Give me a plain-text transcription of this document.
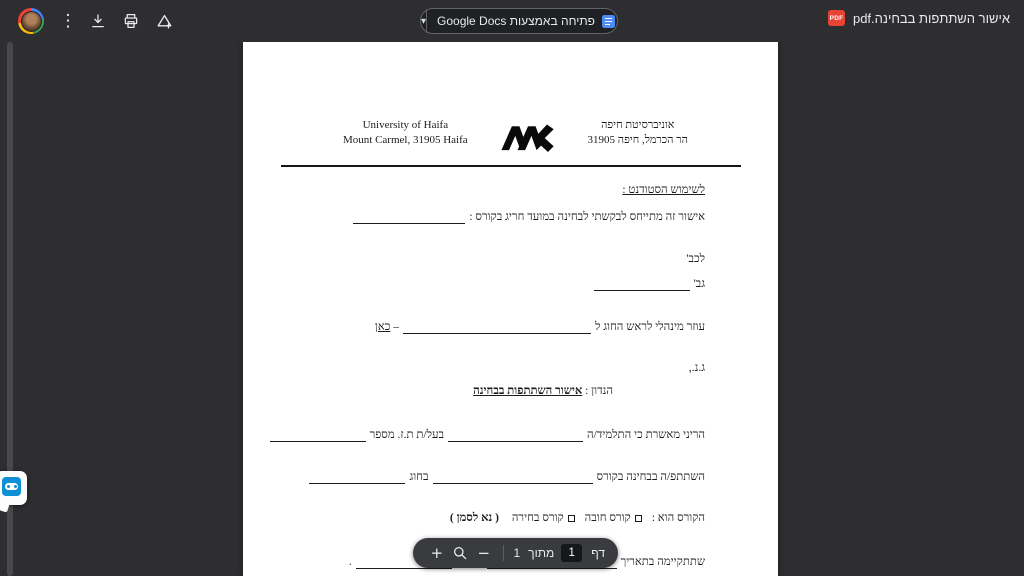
⋮	▾ פתיחה באמצעות Google Docs	PDF אישור השתתפות בבחינה.pdf
University of Haifa
Mount Carmel, 31905 Haifa
אוניברסיטת חיפה
הר הכרמל, חיפה 31905
לשימוש הסטודנט :
אישור זה מתייחס לבקשתי לבחינה במועד חריג בקורס :
לכב'
גב'
עוזר מינהלי לראש החוג ל– כאן
ג.נ.,
הנדון : אישור השתתפות בבחינה
הריני מאשרת כי התלמיד/הבעל/ת ת.ז. מספר
השתתפ/ה בבחינה בקורסבחוג
הקורס הוא :קורס חובהקורס בחירה ( נא לסמן )
שתתקיימה בתאריך.	+	−	1 מתוך
1	דף
